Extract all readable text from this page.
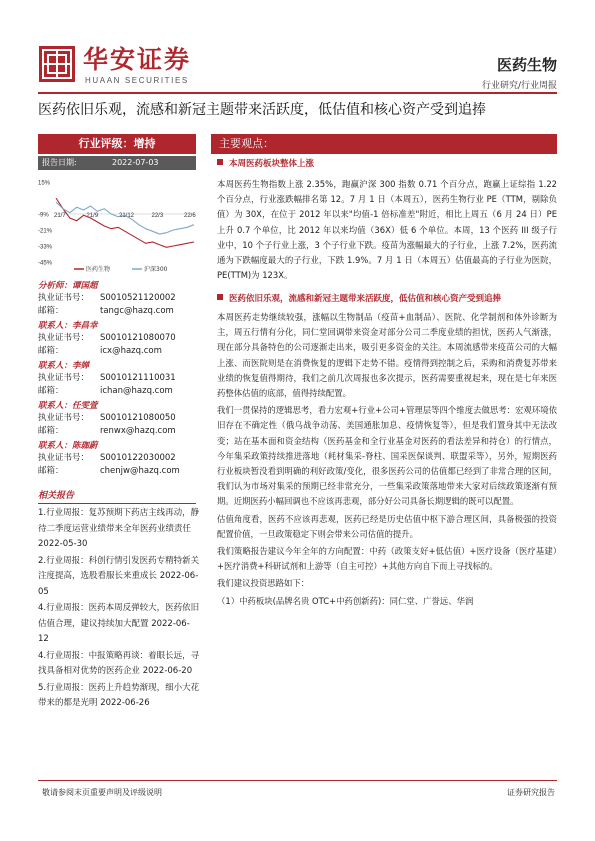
华安证券
HUAAN SECURITIES
医药生物
行业研究/行业周报
医药依旧乐观，流感和新冠主题带来活跃度，低估值和核心资产受到追捧
行业评级：增持
报告日期:	2022-07-03
15%
-9%
-21%
-33%
-45%
21/7	21/9	21/12	22/3	22/6
医药生物	沪深300
分析师：谭国超
执业证书号： S0010521120002
邮箱：	tangc@hazq.com
联系人：李昌幸
执业证书号： S0010121080070
邮箱：	icx@hazq.com
联系人：李婵
执业证书号： S0010121110031
邮箱：	ichan@hazq.com
联系人：任雯萱
执业证书号： S0010121080050
邮箱：	renwx@hazq.com
联系人：陈珈蔚
执业证书号： S0010122030002
邮箱：	chenjw@hazq.com
相关报告
1.行业周报：复苏预期下药店主线再动，静待二季度运营业绩带来全年医药业绩责任 2022-05-30
2.行业周报：科创行情引发医药专精特新关注度提高，选股看服长来重成长 2022-06-05
4.行业周报：医药本周反弹较大，医药依旧估值合理，建议持续加大配置 2022-06-12
4.行业周报：中报策略再谈：着眼长远，寻找具备相对优势的医药企业 2022-06-20
5.行业周报：医药上升趋势渐现，细小大花带来的都是光明 2022-06-26
主要观点：
本周医药板块整体上涨
本周医药生物指数上涨 2.35%，跑赢沪深 300 指数 0.71 个百分点，跑赢上证综指 1.22 个百分点，行业涨跌幅排名第 12。7 月 1 日（本周五），医药生物行业 PE（TTM，剔除负值）为 30X，在位于 2012 年以来"均值-1 倍标准差"附近，相比上周五（6 月 24 日）PE 上升 0.7 个单位，比 2012 年以来均值（36X）低 6 个单位。本周，13 个医药 III 级子行业中，10 个子行业上涨，3 个子行业下跌。疫苗为涨幅最大的子行业，上涨 7.2%，医药流通为下跌幅度最大的子行业，下跌 1.9%。7 月 1 日（本周五）估值最高的子行业为医院，PE(TTM)为 123X。
医药依旧乐观，流感和新冠主题带来活跃度，低估值和核心资产受到追捧
本周医药走势继续较强，涨幅以生物制品（疫苗+血制品）、医院、化学制剂和体外诊断为主，周五行情有分化，同仁堂回调带来资金对部分公司二季度业绩的担忧，医药人气渐涨，现在部分具备特色的公司逐渐走出来，吸引更多资金的关注。本周流感带来疫苗公司的大幅上涨、而医院则是在消费恢复的逻辑下走势不错。疫情得到控制之后，采购和消费复苏带来业绩的恢复值得期待，我们之前几次周报也多次提示，医药需要重视起来，现在是七年来医药整体估值的底部，值得持续配置。
我们一贯保持的逻辑思考，看力宏观+行业+公司+管理层等四个维度去做思考：宏观环境依旧存在不确定性（俄乌战争动荡、美国通胀加息、疫情恢复等），但是我们置身其中无法改变；站在基本面和资金结构（医药基金和全行业基金对医药的看法差异和持仓）的行情点，今年集采政策持续推进落地（耗材集采-脊柱、国采医保谈判、联盟采等），另外，短期医药行业板块暂没看到明确的利好政策/变化，很多医药公司的估值都已经到了非常合理的区间，我们认为市场对集采的预期已经非常充分，一些集采政策落地带来大家对后续政策逐渐有预期。近期医药小幅回调也不应该再悲观，部分好公司具备长期逻辑的既可以配置。
估值角度看，医药不应该再悲观，医药已经是历史估值中枢下游合理区间，具备极强的投资配置价值，一旦政策稳定下则会带来公司估值的提升。
我们策略报告建议今年全年的方向配置：中药（政策支好+低估值）+医疗设备（医疗基建）+医疗消费+科研试剂和上游等（自主可控）+其他方向自下而上寻找标的。
我们建议投资思路如下：
（1）中药板块(品牌名贵 OTC+中药创新药)：同仁堂、广誉远、华润
敬请参阅末页重要声明及评级说明	证券研究报告
